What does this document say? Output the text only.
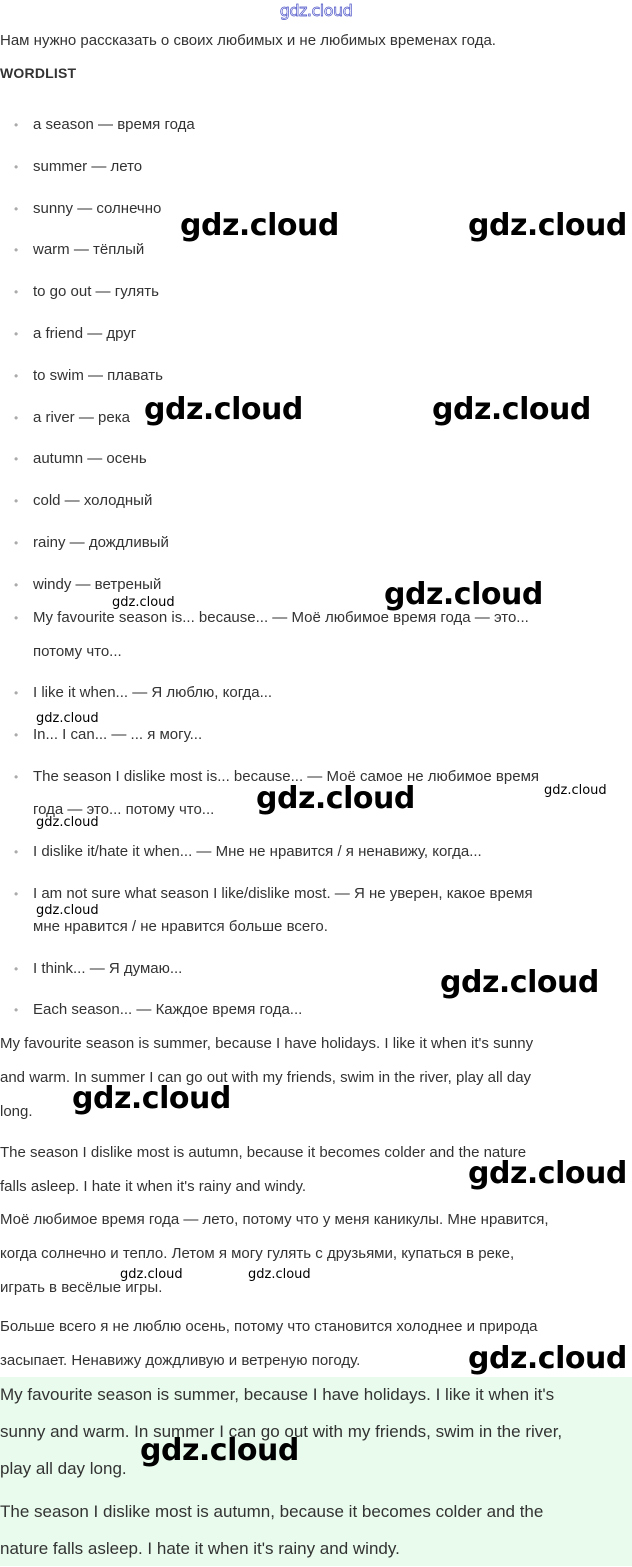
gdz.cloud
Нам нужно рассказать о своих любимых и не любимых временах года.
WORDLIST
• a season — время года
• summer — лето
• sunny — солнечно
• warm — тёплый
• to go out — гулять
• a friend — друг
• to swim — плавать
• a river — река
• autumn — осень
• cold — холодный
• rainy — дождливый
• windy — ветреный
• My favourite season is... because... — Моё любимое время года — это...
потому что...
• I like it when... — Я люблю, когда...
• In... I can... — ... я могу...
• The season I dislike most is... because... — Моё самое не любимое время
года — это... потому что...
• I dislike it/hate it when... — Мне не нравится / я ненавижу, когда...
• I am not sure what season I like/dislike most. — Я не уверен, какое время
мне нравится / не нравится больше всего.
• I think... — Я думаю...
• Each season... — Каждое время года...
My favourite season is summer, because I have holidays. I like it when it's sunny
and warm. In summer I can go out with my friends, swim in the river, play all day
long.
The season I dislike most is autumn, because it becomes colder and the nature
falls asleep. I hate it when it's rainy and windy.
Моё любимое время года — лето, потому что у меня каникулы. Мне нравится,
когда солнечно и тепло. Летом я могу гулять с друзьями, купаться в реке,
играть в весёлые игры.
Больше всего я не люблю осень, потому что становится холоднее и природа
засыпает. Ненавижу дождливую и ветреную погоду.
My favourite season is summer, because I have holidays. I like it when it's
sunny and warm. In summer I can go out with my friends, swim in the river,
play all day long.
The season I dislike most is autumn, because it becomes colder and the
nature falls asleep. I hate it when it's rainy and windy.
gdz.cloud	gdz.cloud
gdz.cloud	gdz.cloud
gdz.cloud
gdz.cloud
gdz.cloud
gdz.cloud	gdz.cloud
gdz.cloud
gdz.cloud
gdz.cloud
gdz.cloud
gdz.cloud
gdz.cloud	gdz.cloud
gdz.cloud
gdz.cloud
